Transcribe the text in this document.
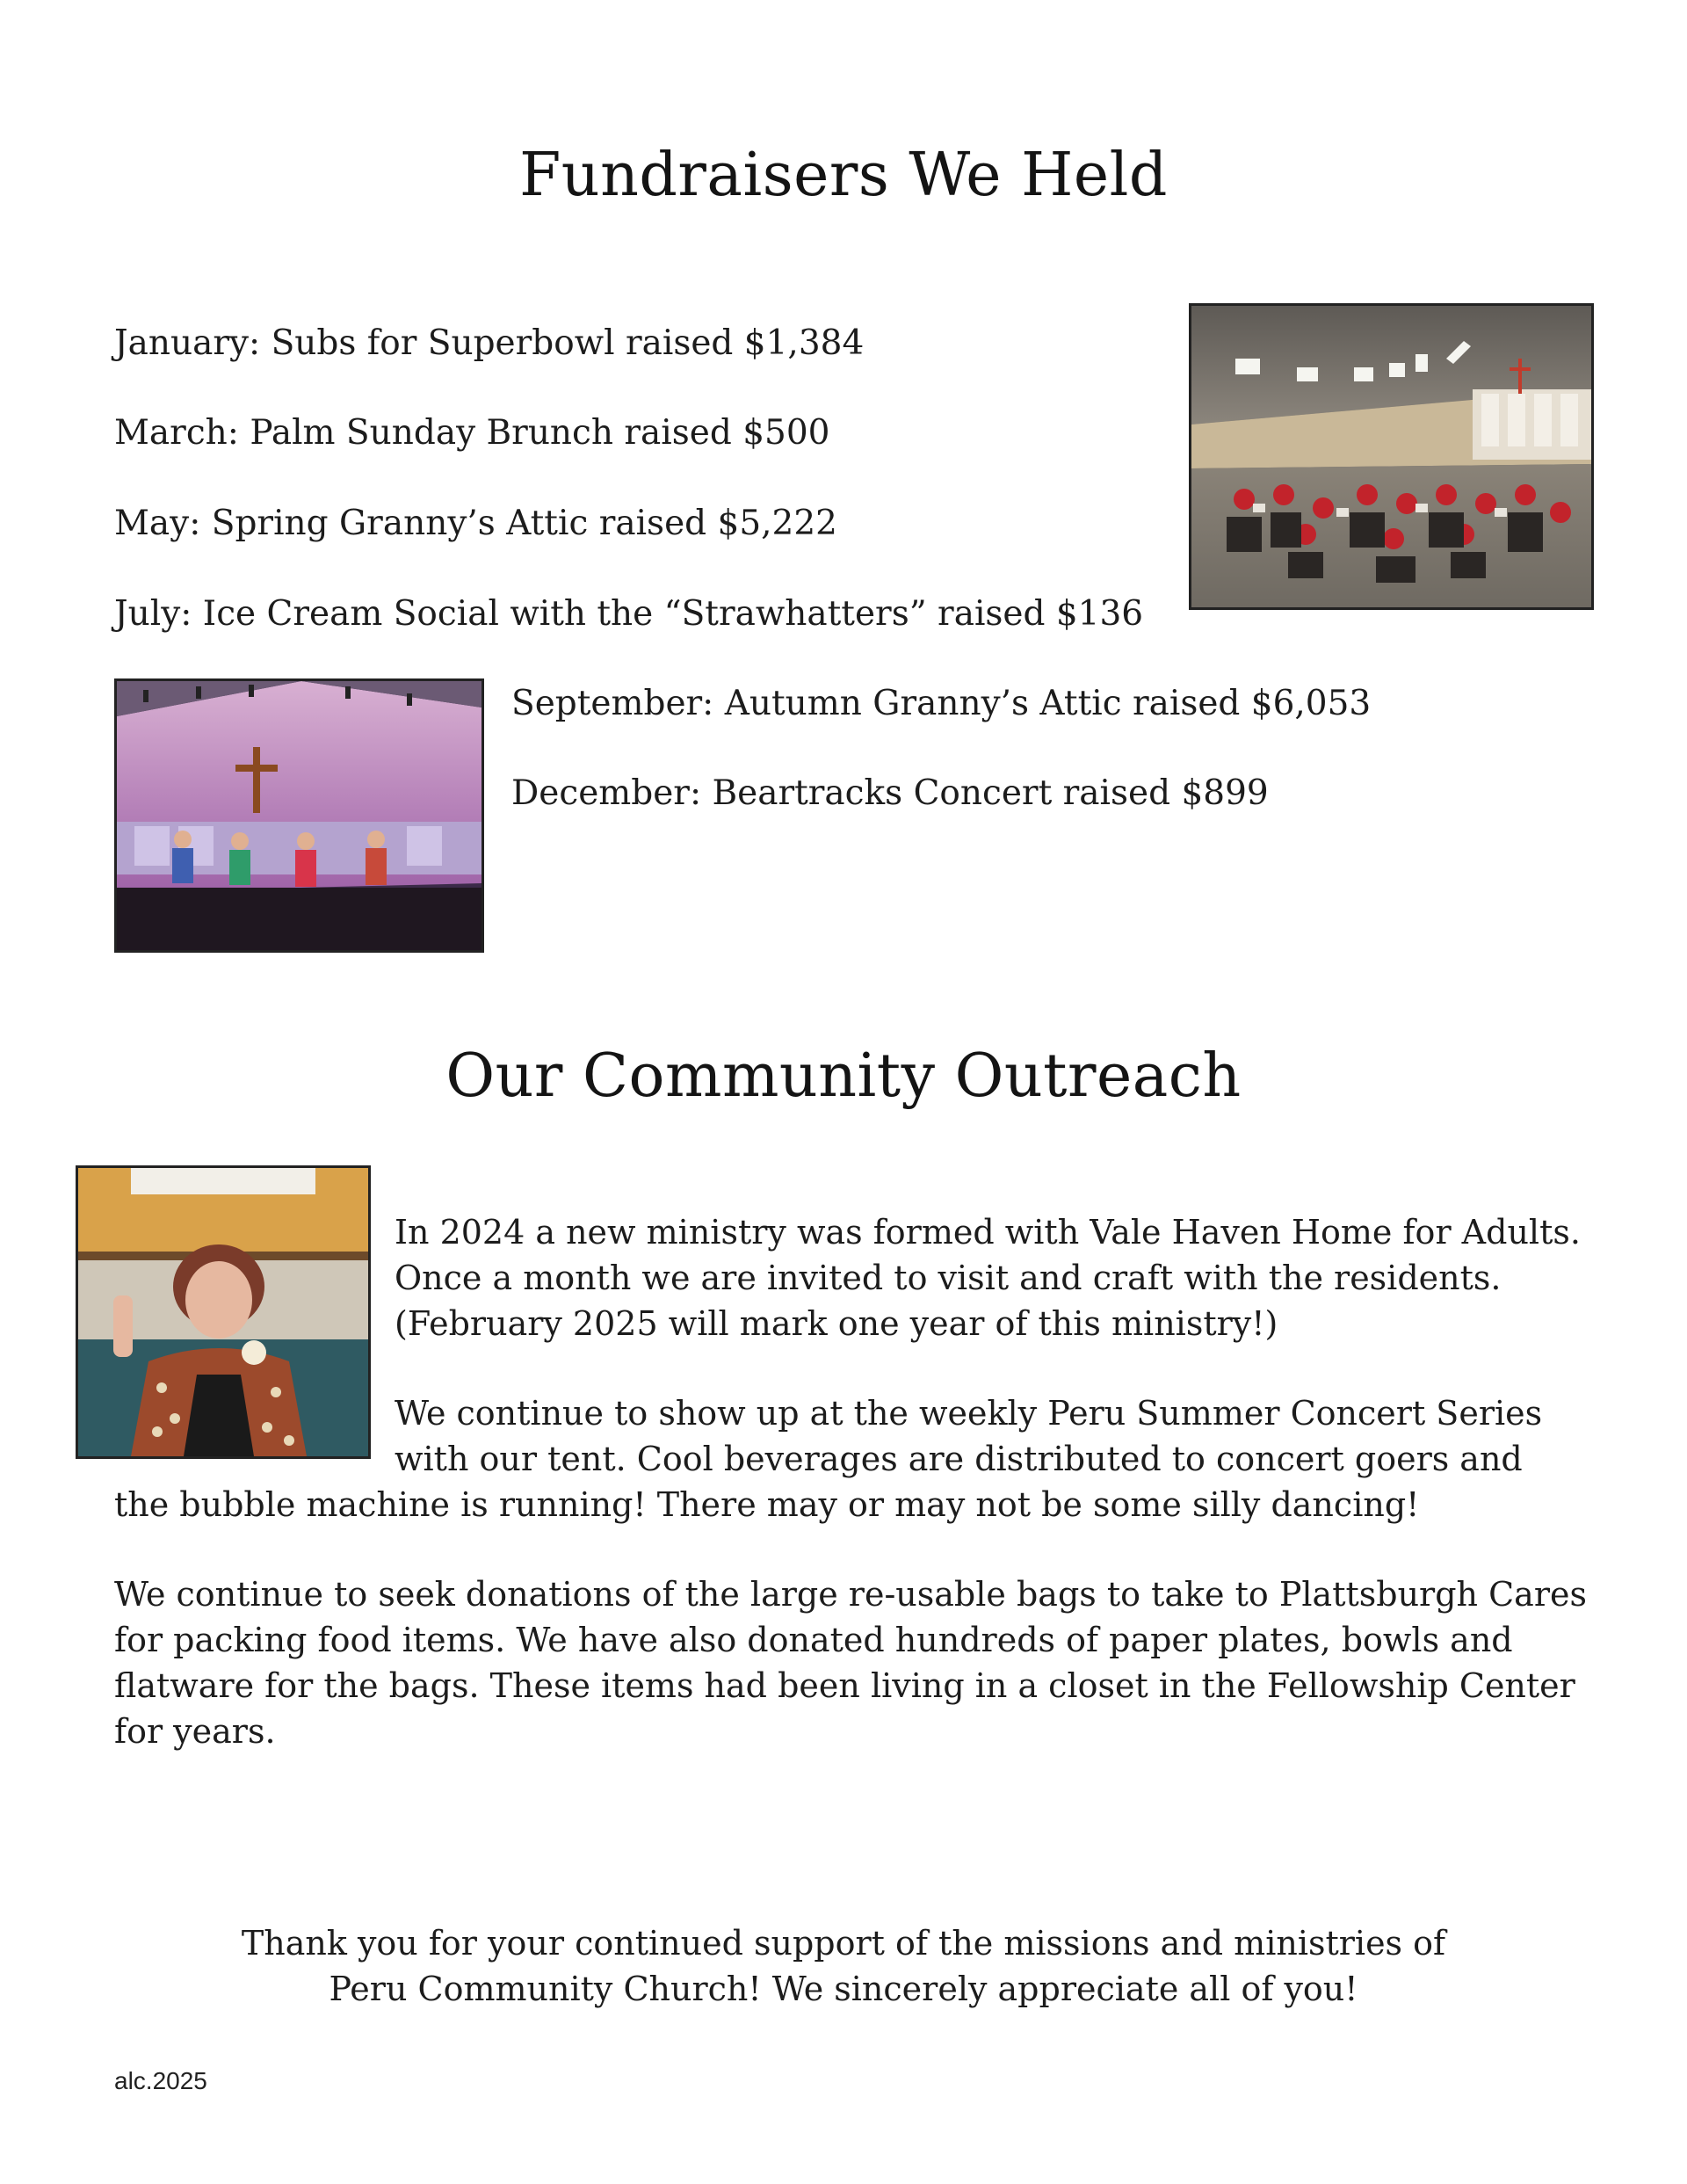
Fundraisers We Held

January: Subs for Superbowl raised $1,384

March: Palm Sunday Brunch raised $500

May: Spring Granny’s Attic raised $5,222

July: Ice Cream Social with the “Strawhatters” raised $136

September: Autumn Granny’s Attic raised $6,053

December: Beartracks Concert raised $899

Our Community Outreach

In 2024 a new ministry was formed with Vale Haven Home for Adults. Once a month we are invited to visit and craft with the residents. (February 2025 will mark one year of this ministry!)

We continue to show up at the weekly Peru Summer Concert Series

with our tent. Cool beverages are distributed to concert goers and

the bubble machine is running! There may or may not be some silly dancing!

We continue to seek donations of the large re-usable bags to take to Plattsburgh Cares for packing food items. We have also donated hundreds of paper plates, bowls and flatware for the bags. These items had been living in a closet in the Fellowship Center for years.

Thank you for your continued support of the missions and ministries of
Peru Community Church! We sincerely appreciate all of you!
alc.2025
